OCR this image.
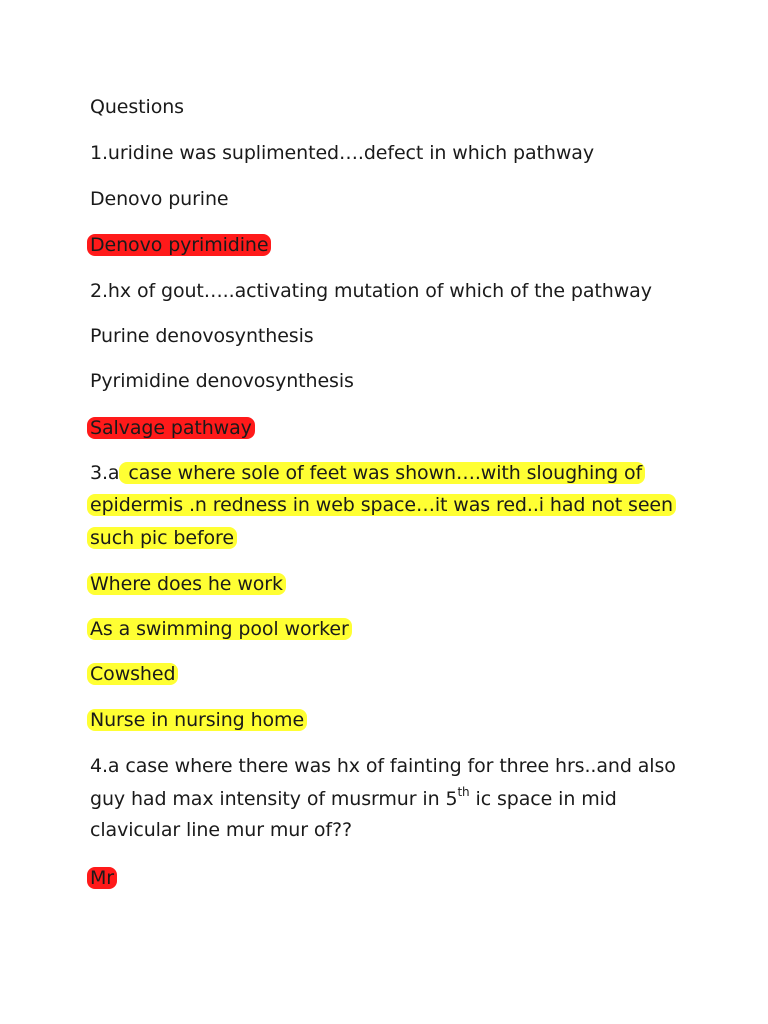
Questions
1.uridine was suplimented….defect in which pathway
Denovo purine
Denovo pyrimidine
2.hx of gout…..activating mutation of which of the pathway
Purine denovosynthesis
Pyrimidine denovosynthesis
Salvage pathway
3.a case where sole of feet was shown….with sloughing of
epidermis .n redness in web space…it was red..i had not seen
such pic before
Where does he work
As a swimming pool worker
Cowshed
Nurse in nursing home
4.a case where there was hx of fainting for three hrs..and also
guy had max intensity of musrmur in 5th ic space in mid
clavicular line mur mur of??
Mr
